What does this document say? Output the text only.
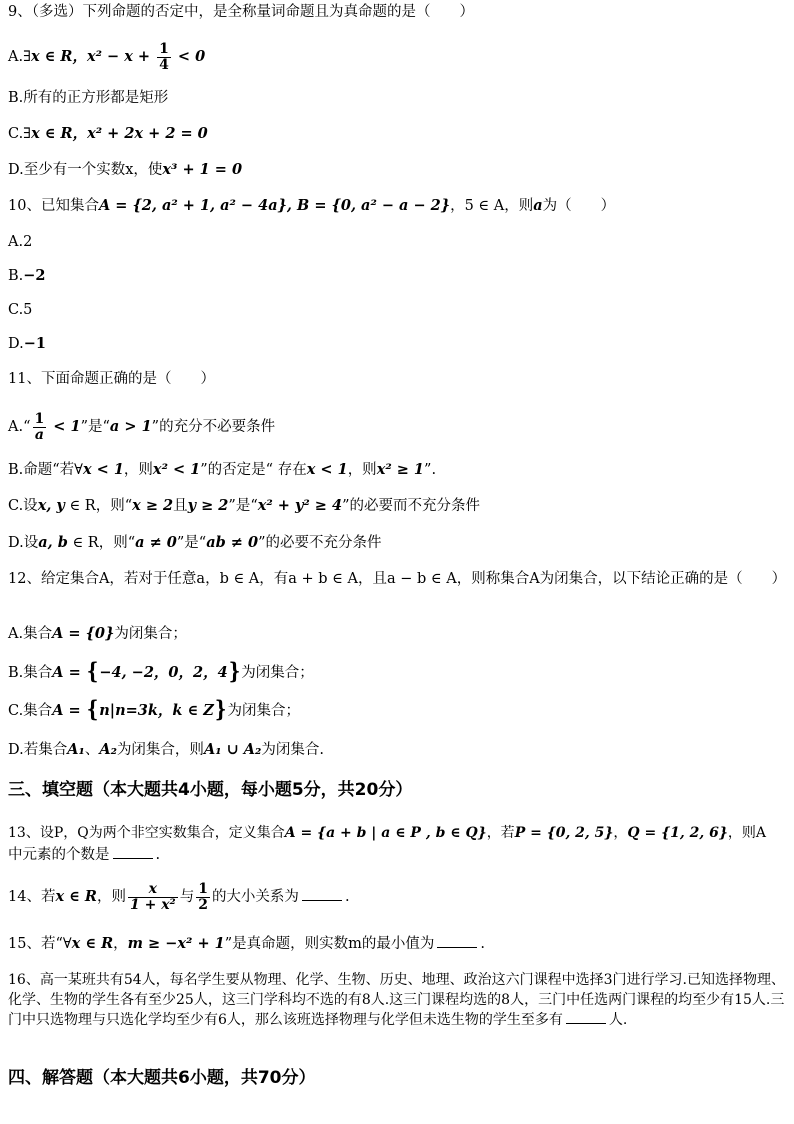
9、（多选）下列命题的否定中，是全称量词命题且为真命题的是（　　）
A.∃x ∈ R，$x^2 - x + \frac{1}{4} < 0$
B.所有的正方形都是矩形
C.∃x ∈ R，x² + 2x + 2 = 0
D.至少有一个实数x，使x³ + 1 = 0
10、已知集合A = {2, a² + 1, a² − 4a}, B = {0, a² − a − 2}，5 ∈ A，则a为（　　）
A.2
B.−2
C.5
D.−1
11、下面命题正确的是（　　）
A.“ $\frac{1}{a} < 1$”是“a > 1”的充分不必要条件
B.命题“若∀x < 1，则x² < 1”的否定是“ 存在x < 1，则x² ≥ 1”.
C.设x, y ∈ R，则“x ≥ 2且y ≥ 2”是“x² + y² ≥ 4”的必要而不充分条件
D.设a, b ∈ R，则“a ≠ 0”是“ab ≠ 0”的必要不充分条件
12、给定集合A，若对于任意a，b ∈ A，有a + b ∈ A，且a − b ∈ A，则称集合A为闭集合，以下结论正确的是（　　）
A.集合A = {0}为闭集合；
B.集合A = {−4, −2，0，2，4}为闭集合；
C.集合A = {n|n=3k，k ∈ Z}为闭集合；
D.若集合A₁、A₂为闭集合，则A₁ ∪ A₂为闭集合.
三、填空题（本大题共4小题，每小题5分，共20分）
13、设P，Q为两个非空实数集合，定义集合A = {a + b | a ∈ P , b ∈ Q}，若P = {0, 2, 5}，Q = {1, 2, 6}，则A
中元素的个数是	.
14、若x ∈ R，则 $\frac{x}{\text{1 + x²}}$ 与 $\frac{1}{2}$ 的大小关系为	.
15、若“∀x ∈ R，m ≥ −x² + 1”是真命题，则实数m的最小值为	.
16、高一某班共有54人，每名学生要从物理、化学、生物、历史、地理、政治这六门课程中选择3门进行学习.已知选择物理、化学、生物的学生各有至少25人，这三门学科均不选的有8人.这三门课程均选的8人，三门中任选两门课程的均至少有15人.三门中只选物理与只选化学均至少有6人，那么该班选择物理与化学但未选生物的学生至多有	人.
四、解答题（本大题共6小题，共70分）
